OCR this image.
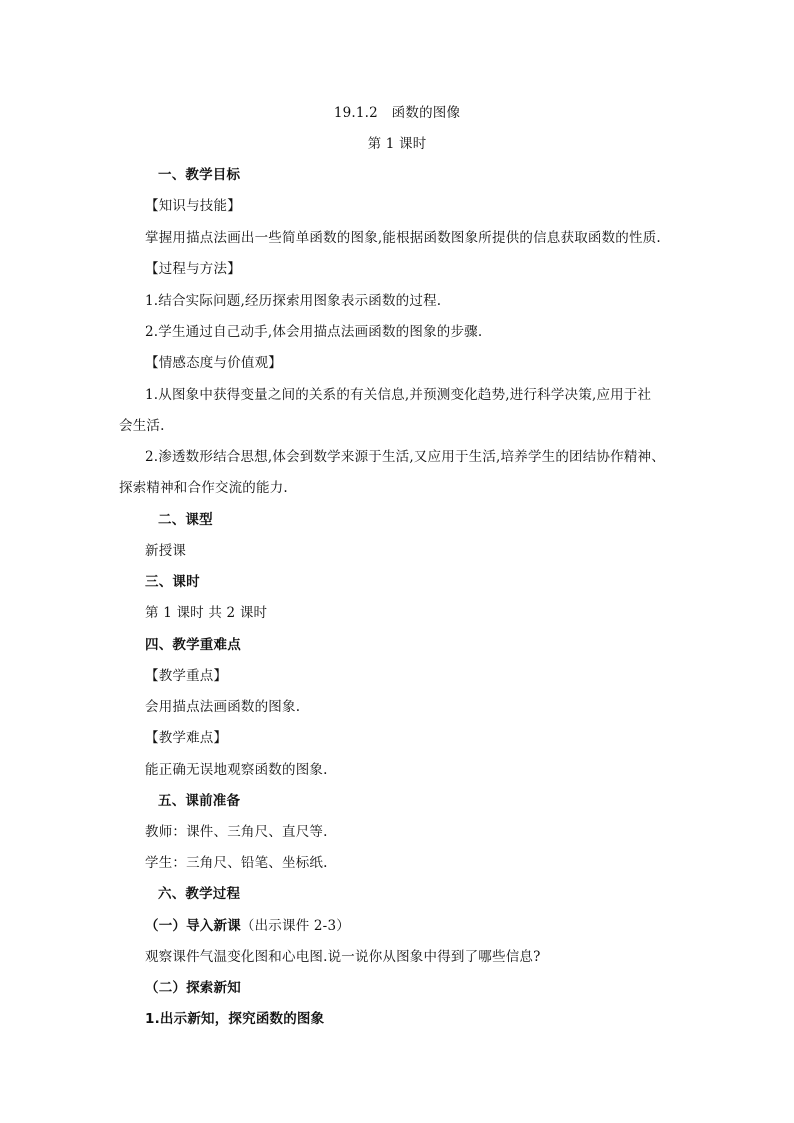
19.1.2　函数的图像
第 1 课时
一、教学目标
【知识与技能】
掌握用描点法画出一些简单函数的图象,能根据函数图象所提供的信息获取函数的性质.
【过程与方法】
1.结合实际问题,经历探索用图象表示函数的过程.
2.学生通过自己动手,体会用描点法画函数的图象的步骤.
【情感态度与价值观】
1.从图象中获得变量之间的关系的有关信息,并预测变化趋势,进行科学决策,应用于社
会生活.
2.渗透数形结合思想,体会到数学来源于生活,又应用于生活,培养学生的团结协作精神、
探索精神和合作交流的能力.
二、课型
新授课
三、课时
第 1 课时 共 2 课时
四、教学重难点
【教学重点】
会用描点法画函数的图象.
【教学难点】
能正确无误地观察函数的图象.
五、课前准备
教师：课件、三角尺、直尺等.
学生：三角尺、铅笔、坐标纸.
六、教学过程
（一）导入新课（出示课件 2-3）
观察课件气温变化图和心电图.说一说你从图象中得到了哪些信息?
（二）探索新知
1.出示新知，探究函数的图象
